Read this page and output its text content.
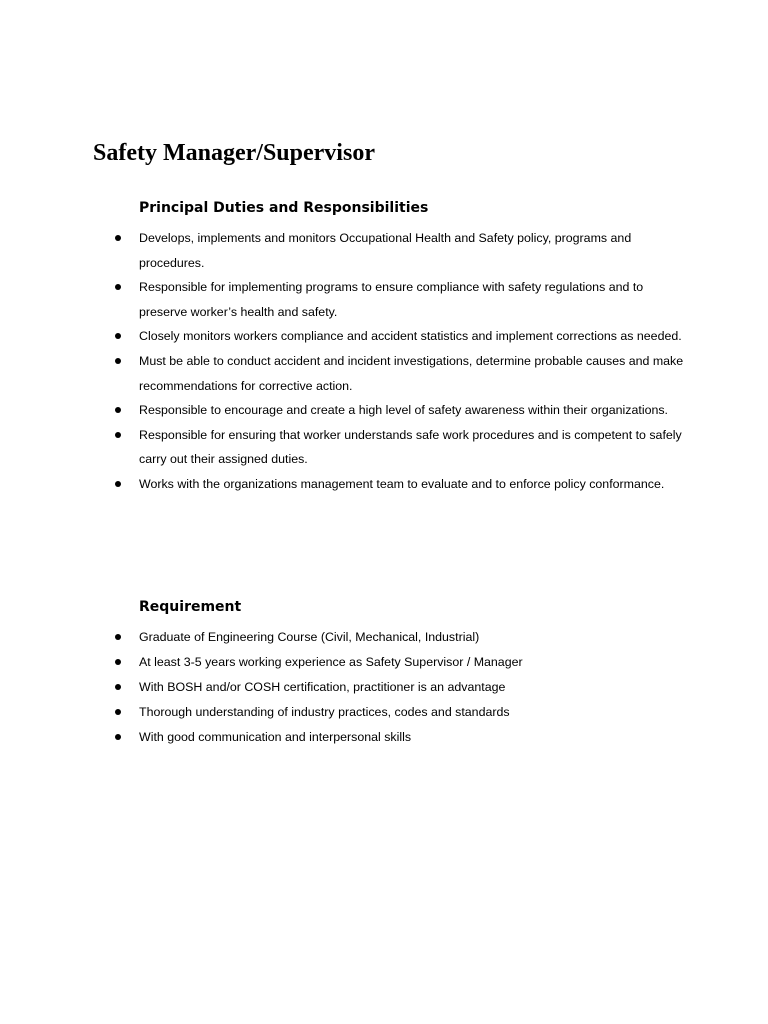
Safety Manager/Supervisor
Principal Duties and Responsibilities
Develops, implements and monitors Occupational Health and Safety policy, programs and procedures.
Responsible for implementing programs to ensure compliance with safety regulations and to preserve worker’s health and safety.
Closely monitors workers compliance and accident statistics and implement corrections as needed.
Must be able to conduct accident and incident investigations, determine probable causes and make recommendations for corrective action.
Responsible to encourage and create a high level of safety awareness within their organizations.
Responsible for ensuring that worker understands safe work procedures and is competent to safely carry out their assigned duties.
Works with the organizations management team to evaluate and to enforce policy conformance.
Requirement
Graduate of Engineering Course (Civil, Mechanical, Industrial)
At least 3-5 years working experience as Safety Supervisor / Manager
With BOSH and/or COSH certification, practitioner is an advantage
Thorough understanding of industry practices, codes and standards
With good communication and interpersonal skills
